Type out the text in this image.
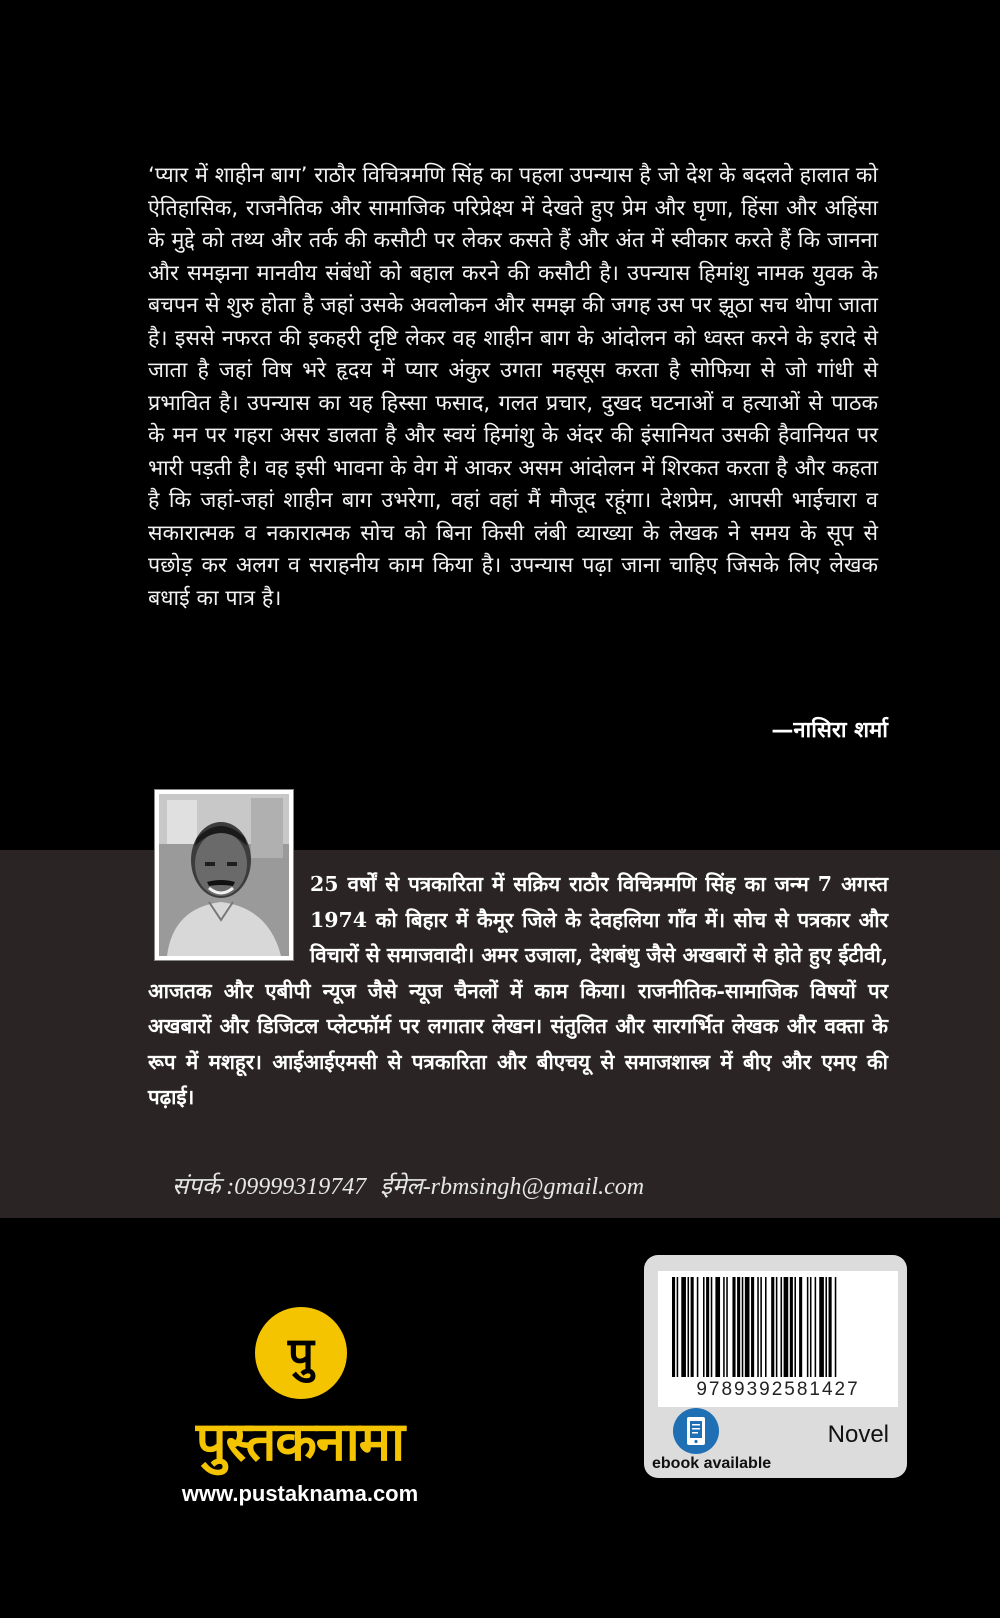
‘प्यार में शाहीन बाग’ राठौर विचित्रमणि सिंह का पहला उपन्यास है जो देश के बदलते हालात को ऐतिहासिक, राजनैतिक और सामाजिक परिप्रेक्ष्य में देखते हुए प्रेम और घृणा, हिंसा और अहिंसा के मुद्दे को तथ्य और तर्क की कसौटी पर लेकर कसते हैं और अंत में स्वीकार करते हैं कि जानना और समझना मानवीय संबंधों को बहाल करने की कसौटी है। उपन्यास हिमांशु नामक युवक के बचपन से शुरु होता है जहां उसके अवलोकन और समझ की जगह उस पर झूठा सच थोपा जाता है। इससे नफरत की इकहरी दृष्टि लेकर वह शाहीन बाग के आंदोलन को ध्वस्त करने के इरादे से जाता है जहां विष भरे हृदय में प्यार अंकुर उगता महसूस करता है सोफिया से जो गांधी से प्रभावित है। उपन्यास का यह हिस्सा फसाद, गलत प्रचार, दुखद घटनाओं व हत्याओं से पाठक के मन पर गहरा असर डालता है और स्वयं हिमांशु के अंदर की इंसानियत उसकी हैवानियत पर भारी पड़ती है। वह इसी भावना के वेग में आकर असम आंदोलन में शिरकत करता है और कहता है कि जहां-जहां शाहीन बाग उभरेगा, वहां वहां मैं मौजूद रहूंगा। देशप्रेम, आपसी भाईचारा व सकारात्मक व नकारात्मक सोच को बिना किसी लंबी व्याख्या के लेखक ने समय के सूप से पछोड़ कर अलग व सराहनीय काम किया है। उपन्यास पढ़ा जाना चाहिए जिसके लिए लेखक बधाई का पात्र है।

—नासिरा शर्मा

25 वर्षों से पत्रकारिता में सक्रिय राठौर विचित्रमणि सिंह का जन्म 7 अगस्त 1974 को बिहार में कैमूर जिले के देवहलिया गाँव में। सोच से पत्रकार और विचारों से समाजवादी। अमर उजाला, देशबंधु जैसे अखबारों से होते हुए ईटीवी, आजतक और एबीपी न्यूज जैसे न्यूज चैनलों में काम किया। राजनीतिक-सामाजिक विषयों पर अखबारों और डिजिटल प्लेटफॉर्म पर लगातार लेखन। संतुलित और सारगर्भित लेखक और वक्ता के रूप में मशहूर। आईआईएमसी से पत्रकारिता और बीएचयू से समाजशास्त्र में बीए और एमए की पढ़ाई।

संपर्क :09999319747 ईमेल-rbmsingh@gmail.com
पु
पुस्तकनामा
www.pustaknama.com
9789392581427
ebook available
Novel
